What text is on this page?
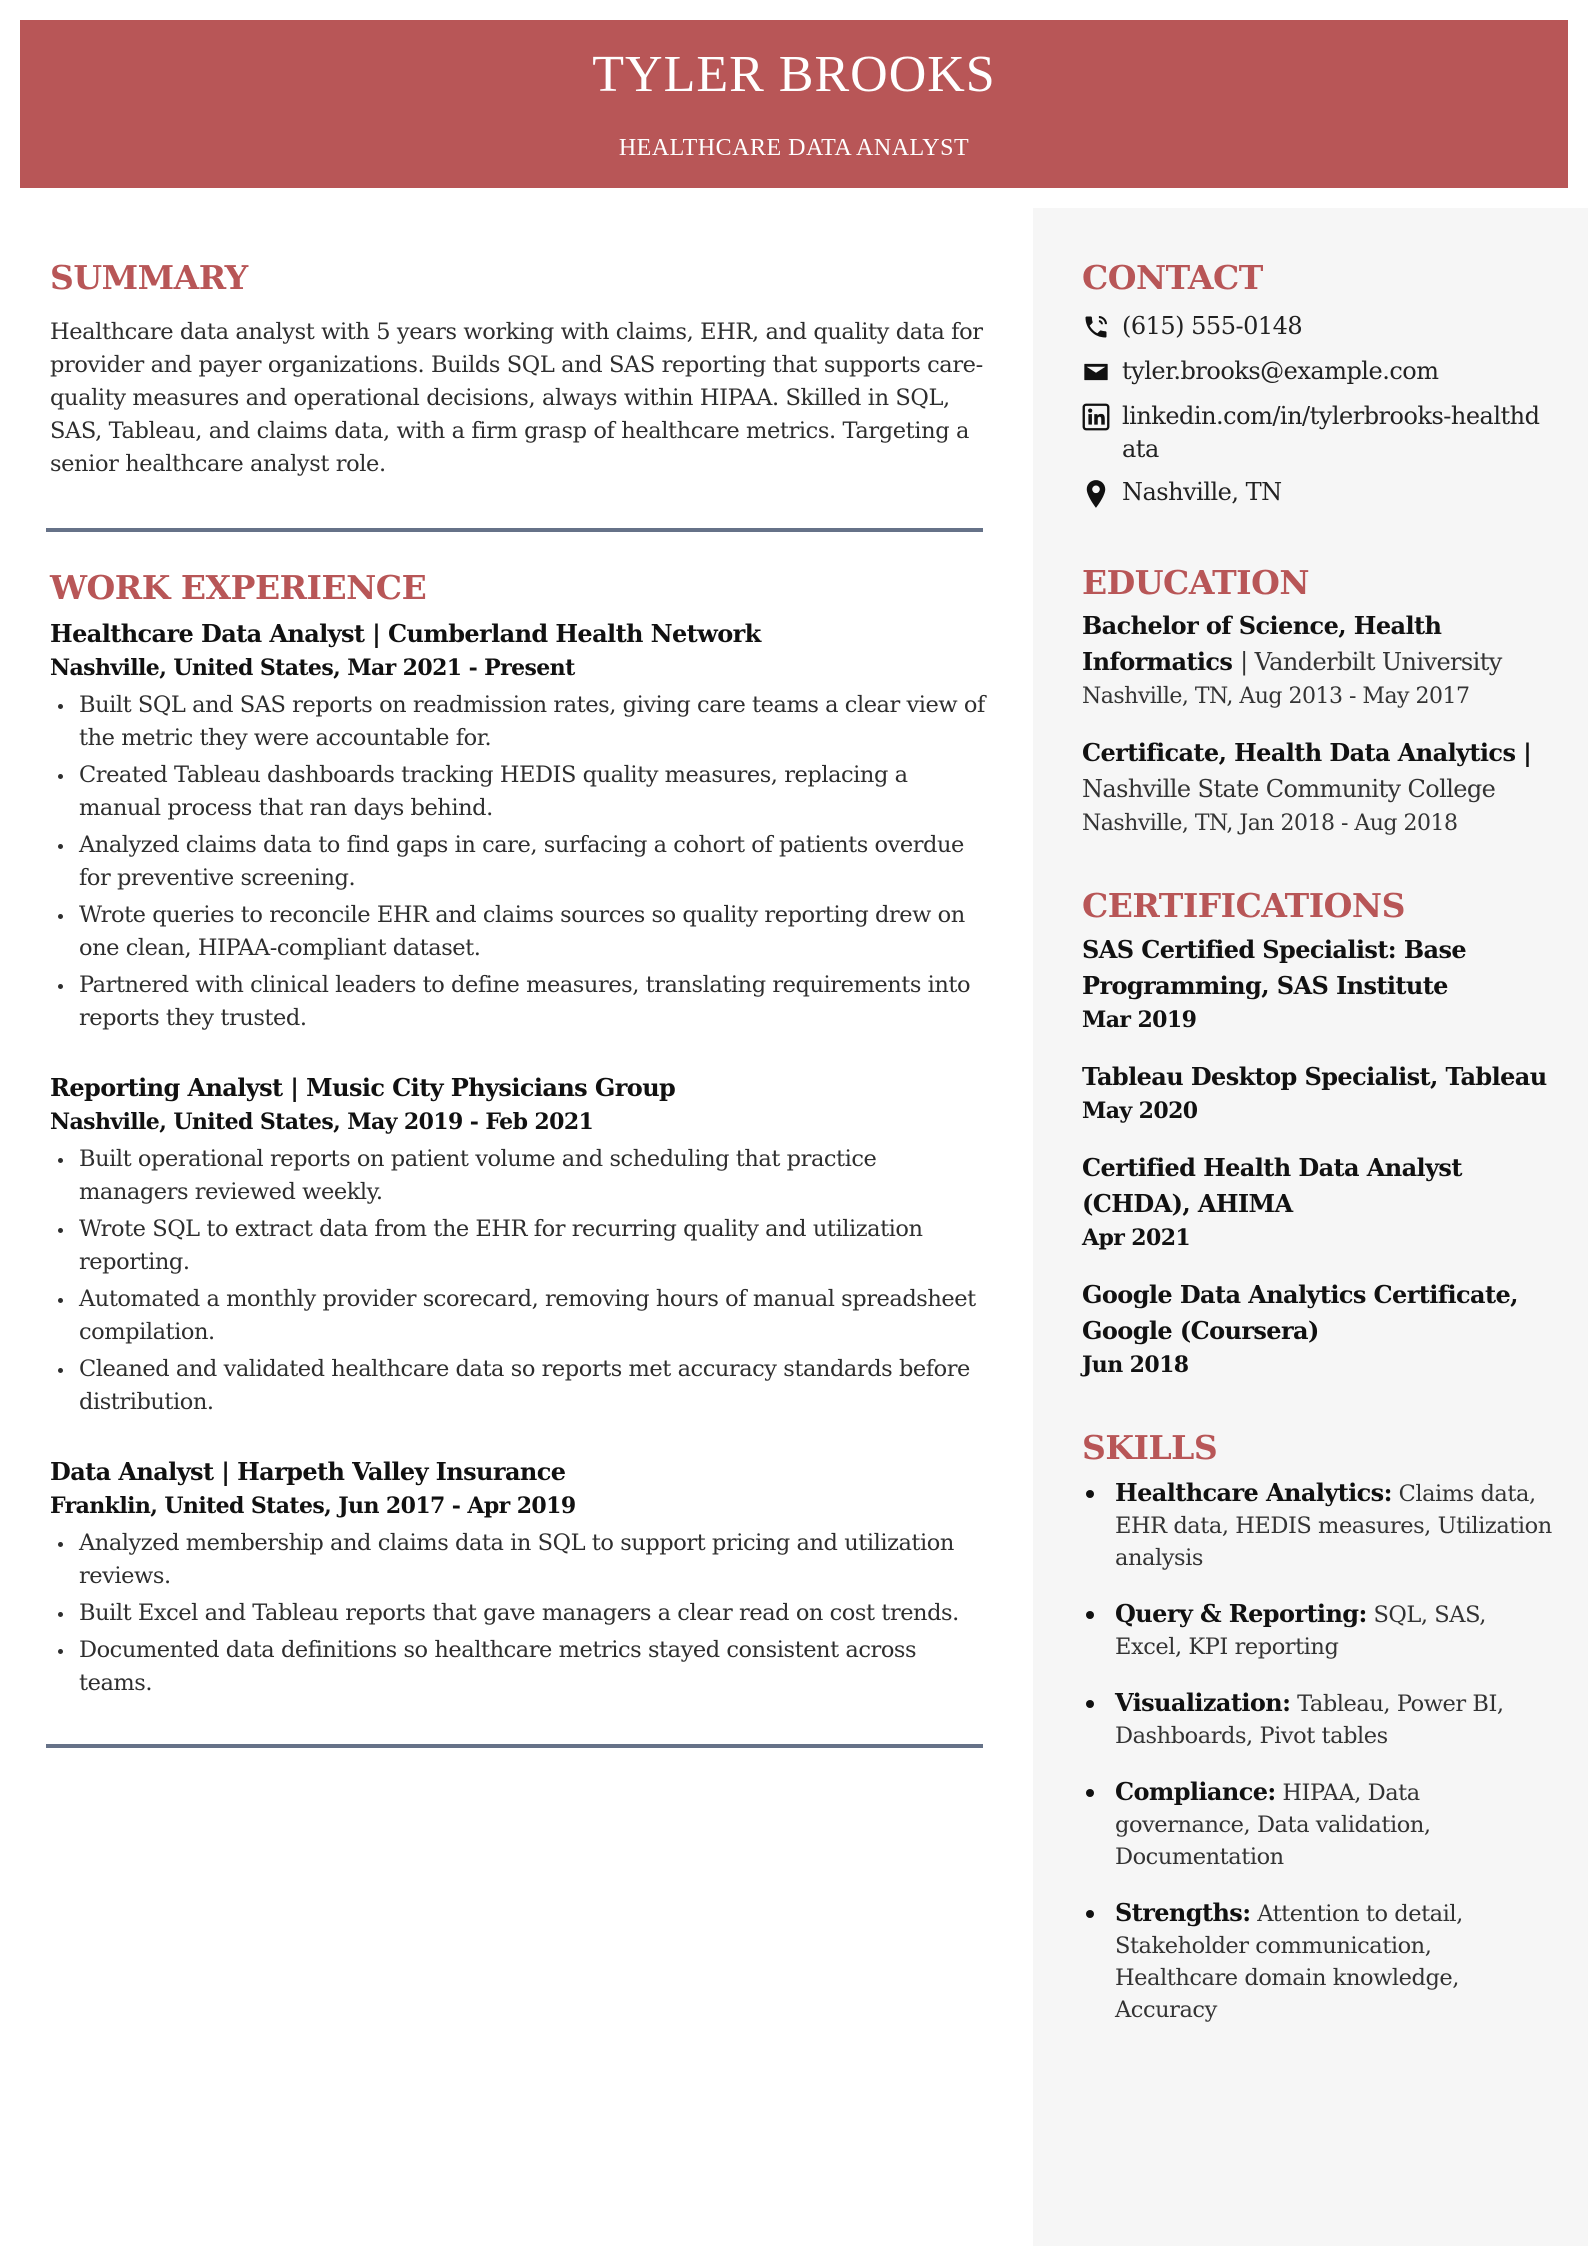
TYLER BROOKS
HEALTHCARE DATA ANALYST
SUMMARY

Healthcare data analyst with 5 years working with claims, EHR, and quality data for provider and payer organizations. Builds SQL and SAS reporting that supports care-quality measures and operational decisions, always within HIPAA. Skilled in SQL, SAS, Tableau, and claims data, with a firm grasp of healthcare metrics. Targeting a senior healthcare analyst role.

WORK EXPERIENCE
Healthcare Data Analyst | Cumberland Health Network
Nashville, United States, Mar 2021 - Present
Built SQL and SAS reports on readmission rates, giving care teams a clear view of the metric they were accountable for.
Created Tableau dashboards tracking HEDIS quality measures, replacing a manual process that ran days behind.
Analyzed claims data to find gaps in care, surfacing a cohort of patients overdue for preventive screening.
Wrote queries to reconcile EHR and claims sources so quality reporting drew on one clean, HIPAA-compliant dataset.
Partnered with clinical leaders to define measures, translating requirements into reports they trusted.
Reporting Analyst | Music City Physicians Group
Nashville, United States, May 2019 - Feb 2021
Built operational reports on patient volume and scheduling that practice managers reviewed weekly.
Wrote SQL to extract data from the EHR for recurring quality and utilization reporting.
Automated a monthly provider scorecard, removing hours of manual spreadsheet compilation.
Cleaned and validated healthcare data so reports met accuracy standards before distribution.
Data Analyst | Harpeth Valley Insurance
Franklin, United States, Jun 2017 - Apr 2019
Analyzed membership and claims data in SQL to support pricing and utilization reviews.
Built Excel and Tableau reports that gave managers a clear read on cost trends.
Documented data definitions so healthcare metrics stayed consistent across teams.
CONTACT
(615) 555-0148
tyler.brooks@example.com
linkedin.com/in/tylerbrooks-healthdata
Nashville, TN
EDUCATION
Bachelor of Science, Health Informatics | Vanderbilt University
Nashville, TN, Aug 2013 - May 2017
Certificate, Health Data Analytics | Nashville State Community College
Nashville, TN, Jan 2018 - Aug 2018
CERTIFICATIONS
SAS Certified Specialist: Base Programming, SAS Institute
Mar 2019
Tableau Desktop Specialist, Tableau
May 2020
Certified Health Data Analyst (CHDA), AHIMA
Apr 2021
Google Data Analytics Certificate, Google (Coursera)
Jun 2018
SKILLS
Healthcare Analytics: Claims data, EHR data, HEDIS measures, Utilization analysis
Query & Reporting: SQL, SAS, Excel, KPI reporting
Visualization: Tableau, Power BI, Dashboards, Pivot tables
Compliance: HIPAA, Data governance, Data validation, Documentation
Strengths: Attention to detail, Stakeholder communication, Healthcare domain knowledge, Accuracy
